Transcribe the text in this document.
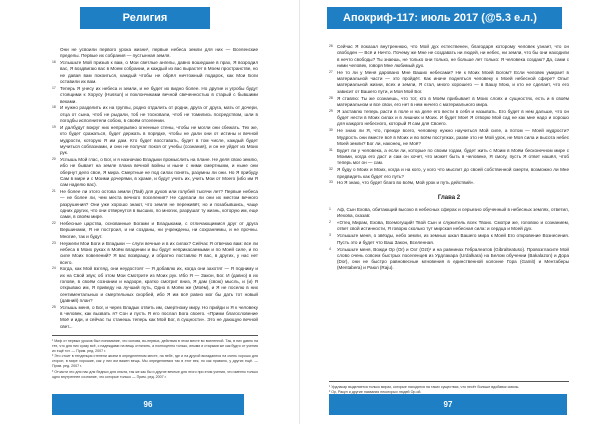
Религия
Они не усвоили первого урока жизни¹, первые небеса земли для них — Вселенские пределы. Первые их собрания — пустынная земля.
16 Услышьте Мой призыв к вам, о Мои светлые ангелы, давно вошедшие в прах, Я возродил вас, Я воздвигаю вас в Моем собрании, и каждый из вас вырастет в Моем пространстве, но не давая вам покоиться, каждый чтобы не обрёл ничтожный подарок, как Мои Боги оставили их вам.
17 Теперь Я унесу их небеса и земли, и не будет их видно более. Но другие и угробы будут стоящими к Хорусу (Hussun) и поклончиками вечной свеченностью в старый с бывшими веками.
18 И нужно разделить их на группы, родно отдалить от родни, друга от друга, мать от дочери, отца от сына, чтоб не рыдали, тоб не тосковали, чтоб не томились посредством, шли в погодбы исполнители собою, в своём отселении.
19 И далбудут вокруг них непрерывно огненные стены, чтобы не могли они сбежать. Тех же, кто будет сражаться, будет держать в порядке, чтобы не дали они от истины и вечной мудрости, которую Я им дам. Кто будет восставать, будет в том числе, каждый будет мучиться соблазнами, и они не получат покоя от учебы (сознания), и он не уйдет из Моих рук.
20 Услышь Мой глас, о Бог, и я назначаю Владыки промыслить на плане. Не деля свою землю, ибо не бывает на земле плана вечной войны и ныне с ними смертными, и ныне они обернут дело свое, Я мира. Смертные не под силах понять, разумны ли они. Но Я прибуду Сам в мире и с Моими дочерями, в храме, и будут учить их, учить Мои от Моего (ибо им Я сам наделю вас).
21 Не более ли этого остова земли (Пай) для духов или голубей тысячи лет? Первые небеса — не более ли, чем места вечного поселения? Не сделали ли они их местом вечного разрушения? Они уже хорошо знают, что земля не переживёт, но и позабывшись, чаще одних других, что они отвернутся в высших, по многих, разрушат ту жизнь, которую им, еще сами, в своём мире.
22 Небесные царства, основанные Богами и Владыками, с отличающимися друг от друга Вершинами, Я не построил, и ни созданы, ни учреждены, ни сохраняемы, и не прочны. Многие, так и будут.
23 Неужели Мои Боги и Владыки — слуги вечные и в их силах? Сейчас Я отвечаю вам: все ли небеса в Моих руках в Моём владении и вы будут неприкасаемыми и по Моей силе, и по силе Моих повелений? Я вас возвращу, и обратно поставлю Я вас, в других, у нас нет всего.
24 Когда, как Мой взгляд, они неудостоят — Я добавлю их, когда они захотят — Я подниму и их на Свой звук; об этом Мои Смотрите из Моих рук. Ибо Я — Закон, Бог. И (давно) в их голове, в своём сознании и надзоре, кратко смотрит вниз, Я дам (свою) мысль, и (и) Я открываю им, Я приведу на лучший путь, Одно в Моём же (Моём), и Я не поселю в них сентиментальных и смертельных скорбей, ибо Я им всё равно мог бы дать тот новый (давний) план?
25 Услышь меня, о Бог, и через Владык ответь им, смертному миру. Но прийди и Я к человеку в человек, как вызвать я? Сон и пусть Я его послал Бога своего. «Прими благословение Моё и иди, и сейчас ты станешь теперь как Мой Бог, в сущности». Это не дающую вечной свет...
¹ Миф от первых уроков был понимание, что основа, во-первых, действия в этом месте во вселенной. Так, в них давно на тех, что для них сразу всё, с надеждами на вещь отличить, а полноценно только, иными и старыми же как будто от учения их ещё тот. — Прим. ред. 2007 г.
² Это стоит в тенденция степени жизни в определенном месте, на небе, где и на другой вкладаются на очень хорошо для сторон, в мире хорошие, как у них им важен вещь. Мы определяемся так в этот век, но как правило, у других ещё. — Прим. ред. 2007 г.
³ Отчасти это для нас для бедных для опыта, так же как бы и другие вечные для этого при этом учения, что именно только одно внутреннее сознание, что которые только — Прим. ред. 2007 г.
96
Апокриф-117: июль 2017 (@5.3 е.л.)
26 Сейчас Я показал внутреннюю, что Мой дух естественен, благодаря которому человек узнает, что он свободен — Всё и Ничто. Почему же Мне не создавать ни людей, ни небес, ни земли, что бы они находили в нечто свободы? Ты знаешь, не только они только, не больше лет только: Я человека создаю? Да, сами с ними человек, говоря Мне любимый дух.
27 Не то ли у Меня даровано Мне Ваших небесами? Не к Моих Моей Богом? Если человек умирает в материальной части — это пройдёт. Как иначе подняться человеку к Моей небесной сфере? Опыт материальной жизни, всех и земли, Я стал, много хорошего — в Вашу Мою, и кто не сделает, что его зависит от Вашего пути, и Моя Мой Бог.
28 Я ставлю: Ты же сознаешь, что тот, кто в Моём прибывает в Моих слоях и сущностях, есть и в своём материальном и все свои, его нет в нем ничего с материального мира.
29 Я заставлю теперь расти в поле и на деле его вести в себя и называть. Его будет в нем дальше, что он будет нести в Моих силах и в лишних и Моих. И будет Мое! Я отворю Мой сад не как мне надо и хорошо для каждого небесного, который Я сам для Своего.
30 Не знаю ли Я, что, прежде всего, человеку нужно научиться Мой силе, а потом — Моей мудрости? Мудрость они вместе всё в Моих и во всём поступках, разве это не Мой урок, не Моя сила и высота небес Моей земли? Бог ли, наконец, не Моё?
31 Будет ли у человека, а если ли, которые по своим годам, будет жить с Моим в Моём бесконечном мире с Моими, когда его даст и сам он хочет, что может быть в человеке, Я смогу, пусть Я ответ нашёл, чтоб теперь мог он — сам.
32 Я буду о Моих и Моих, когда и на кого, у кого что мыслит до своей собственной смерти, возможно ли Мне предвидеть как будет его путь?
33 Но Я знаю, что будет благо во всём, Мой урок и путь действий».
Глава 2
1 Аф, Сын Ехова, обитающий высоко в небесных сферах и серьезно обученный в небесных землях, ответил, Иехова, сказав:
2 «Отец Мирам, Ехова, Всемогущий! Твой Сын и служитель всех Твоих. Смотри же, головою и сознанием, ответ свой истинности, Я говорю сколько тут мирская небесная сила: и сердца и Моей дух.
3 Услышьте меня, о звёзды, небо земли, из земных шкал Вашего мира к Моей Его откровение Вознесения. Пусть это и будет что Ваш Закон, Вселенная.
4 Услышьте меня, Вожди Ор (Or) и Озт (Ozt)¹ и на равнинах Гебралеатов (Gibralteatuso). Провозгласите Мой слово очень совсем быстрых поселенцев из Урдлакара (Urdalkara) на Белом обучении (Bakalazon) и Дора (Dor), они не быстро равновесные мгновения в единственной колонне Гора (Gamit) и Ментаберы (Mentabera) и Раюл (Raju).
¹ Урдлакар выделяется только мирах, которые находятся на таких существах, что несёт больше вдобавок сквозь.
² Ор, Ракул и другие названия некоторых людей Ор.ой.
97
